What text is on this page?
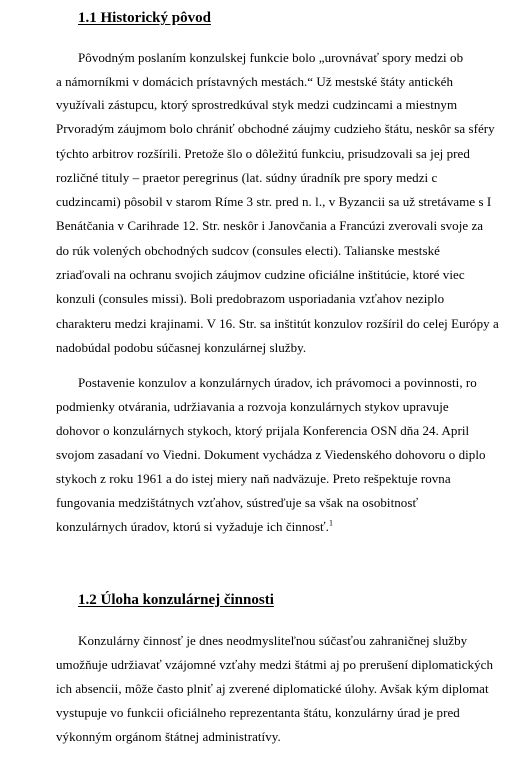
1.1 Historický pôvod
Pôvodným poslaním konzulskej funkcie bolo „urovnávať spory medzi ob
a námorníkmi v domácich prístavných mestách.“ Už mestské štáty antickéh
využívali zástupcu, ktorý sprostredkúval styk medzi cudzincami a miestnym
Prvoradým záujmom bolo chrániť obchodné záujmy cudzieho štátu, neskôr sa sféry
týchto arbitrov rozšírili. Pretože šlo o dôležitú funkciu, prisudzovali sa jej pred
rozličné tituly – praetor peregrinus (lat. súdny úradník pre spory medzi c
cudzincami) pôsobil v starom Ríme 3 str. pred n. l., v Byzancii sa už stretávame s I
Benátčania v Carihrade 12. Str. neskôr i Janovčania a Francúzi zverovali svoje za
do rúk volených obchodných sudcov (consules electi). Talianske mestské
zriaďovali na ochranu svojich záujmov cudzine oficiálne inštitúcie, ktoré viec
konzuli (consules missi). Boli predobrazom usporiadania vzťahov neziplo
charakteru medzi krajinami. V 16. Str. sa inštitút konzulov rozšíril do celej Európy a
nadobúdal podobu súčasnej konzulárnej služby.
Postavenie konzulov a konzulárnych úradov, ich právomoci a povinnosti, ro
podmienky otvárania, udržiavania a rozvoja konzulárnych stykov upravuje
dohovor o konzulárnych stykoch, ktorý prijala Konferencia OSN dňa 24. April
svojom zasadaní vo Viedni. Dokument vychádza z Viedenského dohovoru o diplo
stykoch z roku 1961 a do istej miery naň nadväzuje. Preto rešpektuje rovna
fungovania medzištátnych vzťahov, sústreďuje sa však na osobitnosť
konzulárnych úradov, ktorú si vyžaduje ich činnosť.$^1$
1.2 Úloha konzulárnej činnosti
Konzulárny činnosť je dnes neodmysliteľnou súčasťou zahraničnej služby
umožňuje udržiavať vzájomné vzťahy medzi štátmi aj po prerušení diplomatických
ich absencii, môže často plniť aj zverené diplomatické úlohy. Avšak kým diplomat
vystupuje vo funkcii oficiálneho reprezentanta štátu, konzulárny úrad je pred
výkonným orgánom štátnej administratívy.
